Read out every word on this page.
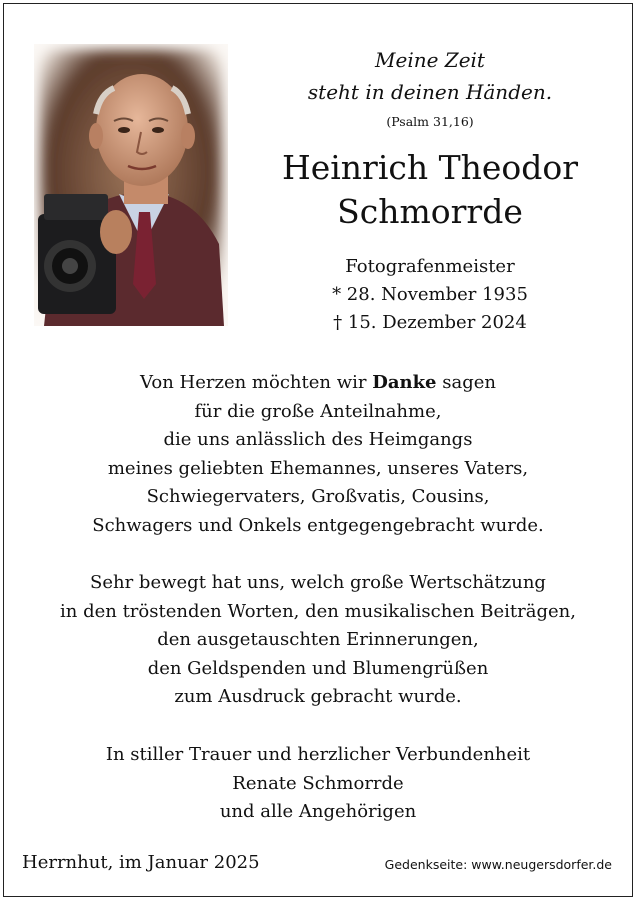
Meine Zeit
steht in deinen Händen.
(Psalm 31,16)
Heinrich Theodor
Schmorrde
Fotografenmeister
* 28. November 1935
† 15. Dezember 2024
Von Herzen möchten wir Danke sagen
für die große Anteilnahme,
die uns anlässlich des Heimgangs
meines geliebten Ehemannes, unseres Vaters,
Schwiegervaters, Großvatis, Cousins,
Schwagers und Onkels entgegengebracht wurde.
Sehr bewegt hat uns, welch große Wertschätzung
in den tröstenden Worten, den musikalischen Beiträgen,
den ausgetauschten Erinnerungen,
den Geldspenden und Blumengrüßen
zum Ausdruck gebracht wurde.
In stiller Trauer und herzlicher Verbundenheit
Renate Schmorrde
und alle Angehörigen
Herrnhut, im Januar 2025	Gedenkseite: www.neugersdorfer.de
